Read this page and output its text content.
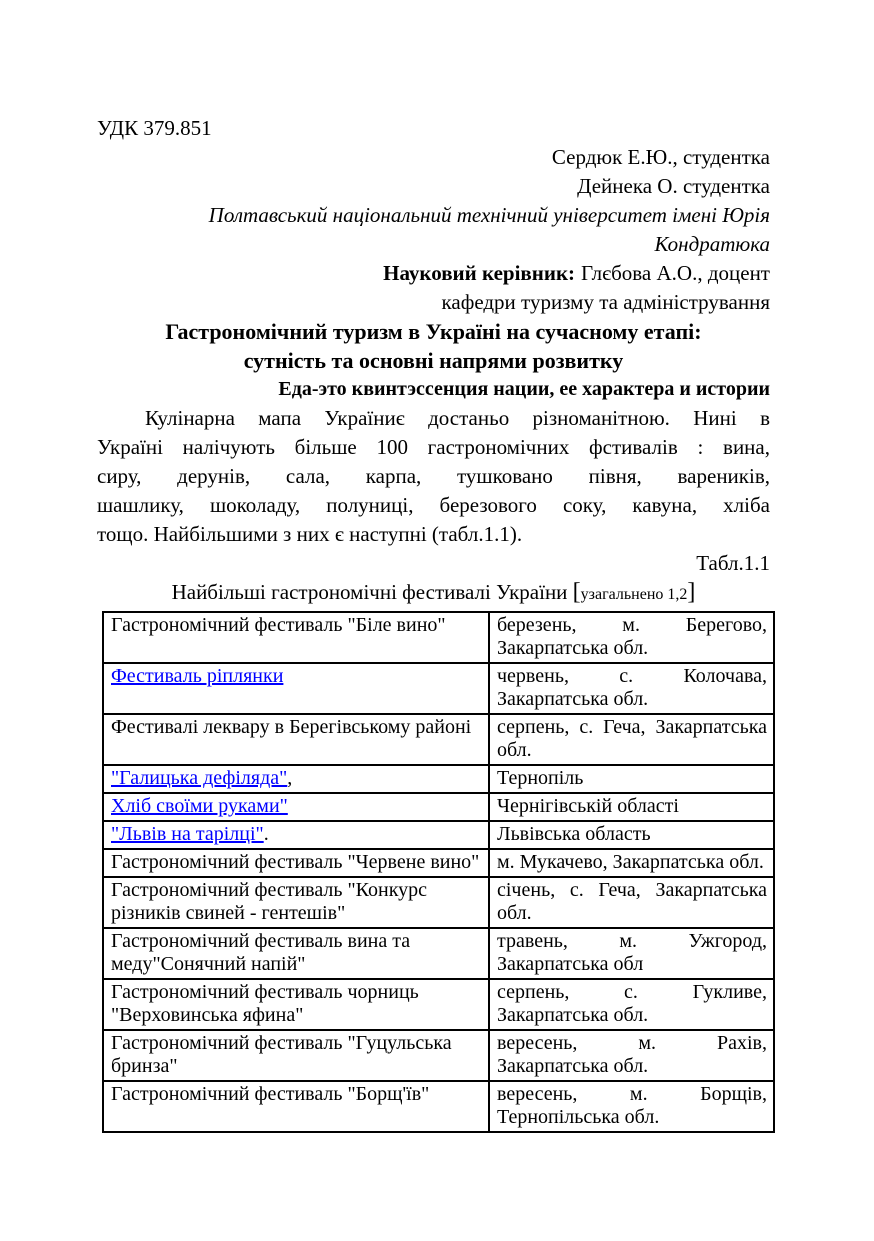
УДК 379.851
Сердюк Е.Ю., студентка
Дейнека О. студентка
Полтавський національний технічний університет імені Юрія
Кондратюка
Науковий керівник: Глєбова А.О., доцент
кафедри туризму та адміністрування
Гастрономічний туризм в Україні на сучасному етапі:
сутність та основні напрями розвитку
Еда-это квинтэссенция нации, ее характера и истории
Кулінарна мапа Україниє достаньо різноманітною. Нині в
Україні налічують більше 100 гастрономічних фстивалів : вина,
сиру, дерунів, сала, карпа, тушковано півня, вареників,
шашлику, шоколаду, полуниці, березового соку, кавуна, хліба
тощо. Найбільшими з них є наступні (табл.1.1).
Табл.1.1
Найбільші гастрономічні фестивалі України [узагальнено 1,2]
Гастрономічний фестиваль "Біле вино"	березень, м. Берегово, Закарпатська обл.
Фестиваль ріплянки	червень, с. Колочава, Закарпатська обл.
Фестивалі леквару в Берегівському районі	серпень, с. Геча, Закарпатська обл.
"Галицька дефіляда",	Тернопіль
Хліб своїми руками"	Чернігівській області
"Львів на тарілці".	Львівська область
Гастрономічний фестиваль "Червене вино"	м. Мукачево, Закарпатська обл.
Гастрономічний фестиваль "Конкурс різників свиней - гентешів"	січень, с. Геча, Закарпатська обл.
Гастрономічний фестиваль вина та меду"Сонячний напій"	травень, м. Ужгород, Закарпатська обл
Гастрономічний фестиваль чорниць "Верховинська яфина"	серпень, с. Гукливе, Закарпатська обл.
Гастрономічний фестиваль "Гуцульська бринза"	вересень, м. Рахів, Закарпатська обл.
Гастрономічний фестиваль "Борщ'їв"	вересень, м. Борщів, Тернопільська обл.
